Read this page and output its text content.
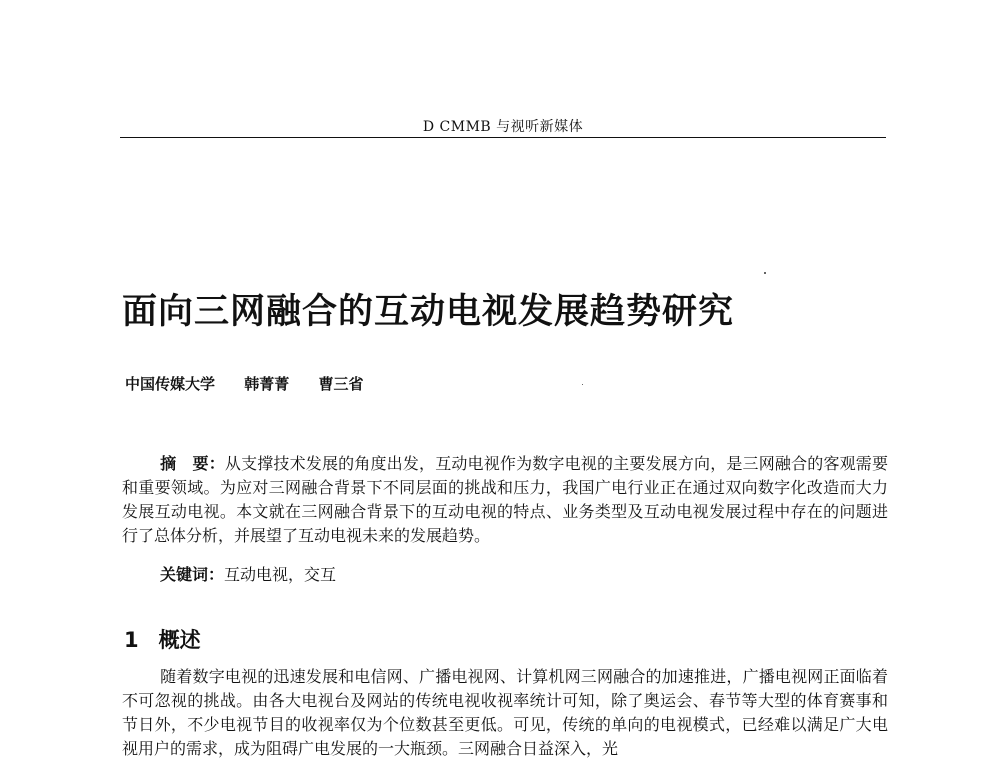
D CMMB 与视听新媒体
面向三网融合的互动电视发展趋势研究
中国传媒大学 韩菁菁 曹三省

摘　要：从支撑技术发展的角度出发，互动电视作为数字电视的主要发展方向，是三网融合的客观需要和重要领域。为应对三网融合背景下不同层面的挑战和压力，我国广电行业正在通过双向数字化改造而大力发展互动电视。本文就在三网融合背景下的互动电视的特点、业务类型及互动电视发展过程中存在的问题进行了总体分析，并展望了互动电视未来的发展趋势。

关键词：互动电视，交互
1 概述

随着数字电视的迅速发展和电信网、广播电视网、计算机网三网融合的加速推进，广播电视网正面临着不可忽视的挑战。由各大电视台及网站的传统电视收视率统计可知，除了奥运会、春节等大型的体育赛事和节日外，不少电视节目的收视率仅为个位数甚至更低。可见，传统的单向的电视模式，已经难以满足广大电视用户的需求，成为阻碍广电发展的一大瓶颈。三网融合日益深入，光
